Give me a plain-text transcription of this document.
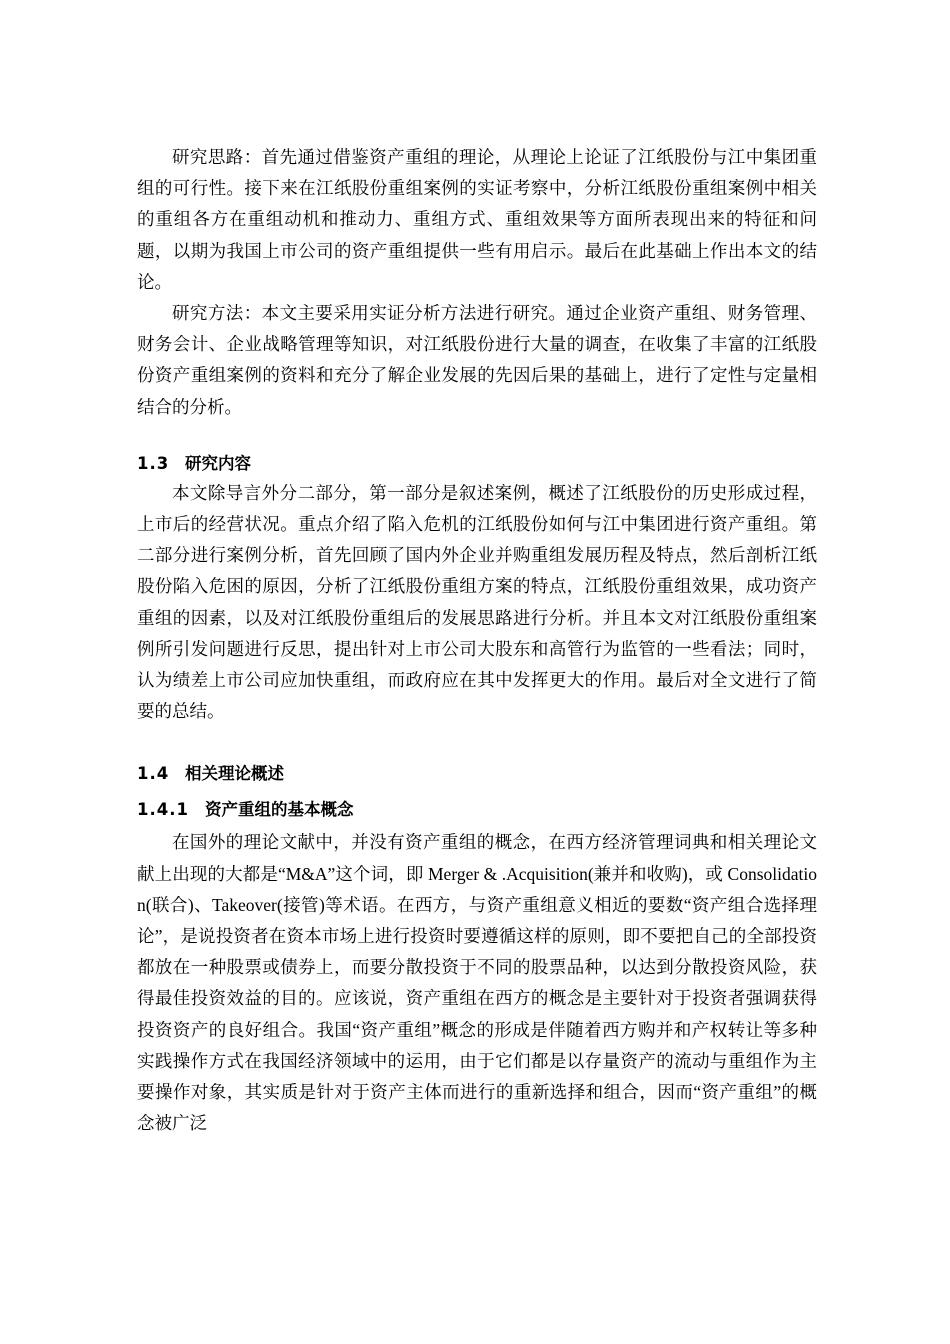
研究思路：首先通过借鉴资产重组的理论，从理论上论证了江纸股份与江中集团重组的可行性。接下来在江纸股份重组案例的实证考察中，分析江纸股份重组案例中相关的重组各方在重组动机和推动力、重组方式、重组效果等方面所表现出来的特征和问题，以期为我国上市公司的资产重组提供一些有用启示。最后在此基础上作出本文的结论。

研究方法：本文主要采用实证分析方法进行研究。通过企业资产重组、财务管理、财务会计、企业战略管理等知识，对江纸股份进行大量的调查，在收集了丰富的江纸股份资产重组案例的资料和充分了解企业发展的先因后果的基础上，进行了定性与定量相结合的分析。

1.3 研究内容

本文除导言外分二部分，第一部分是叙述案例，概述了江纸股份的历史形成过程，上市后的经营状况。重点介绍了陷入危机的江纸股份如何与江中集团进行资产重组。第二部分进行案例分析，首先回顾了国内外企业并购重组发展历程及特点，然后剖析江纸股份陷入危困的原因，分析了江纸股份重组方案的特点，江纸股份重组效果，成功资产重组的因素，以及对江纸股份重组后的发展思路进行分析。并且本文对江纸股份重组案例所引发问题进行反思，提出针对上市公司大股东和高管行为监管的一些看法；同时，认为绩差上市公司应加快重组，而政府应在其中发挥更大的作用。最后对全文进行了简要的总结。

1.4 相关理论概述
1.4.1 资产重组的基本概念

在国外的理论文献中，并没有资产重组的概念，在西方经济管理词典和相关理论文献上出现的大都是“M&A”这个词，即 Merger & .Acquisition(兼并和收购)，或 Consolidation(联合)、Takeover(接管)等术语。在西方，与资产重组意义相近的要数“资产组合选择理论”，是说投资者在资本市场上进行投资时要遵循这样的原则，即不要把自己的全部投资都放在一种股票或债券上，而要分散投资于不同的股票品种，以达到分散投资风险，获得最佳投资效益的目的。应该说，资产重组在西方的概念是主要针对于投资者强调获得投资资产的良好组合。我国“资产重组”概念的形成是伴随着西方购并和产权转让等多种实践操作方式在我国经济领域中的运用，由于它们都是以存量资产的流动与重组作为主要操作对象，其实质是针对于资产主体而进行的重新选择和组合，因而“资产重组”的概念被广泛
